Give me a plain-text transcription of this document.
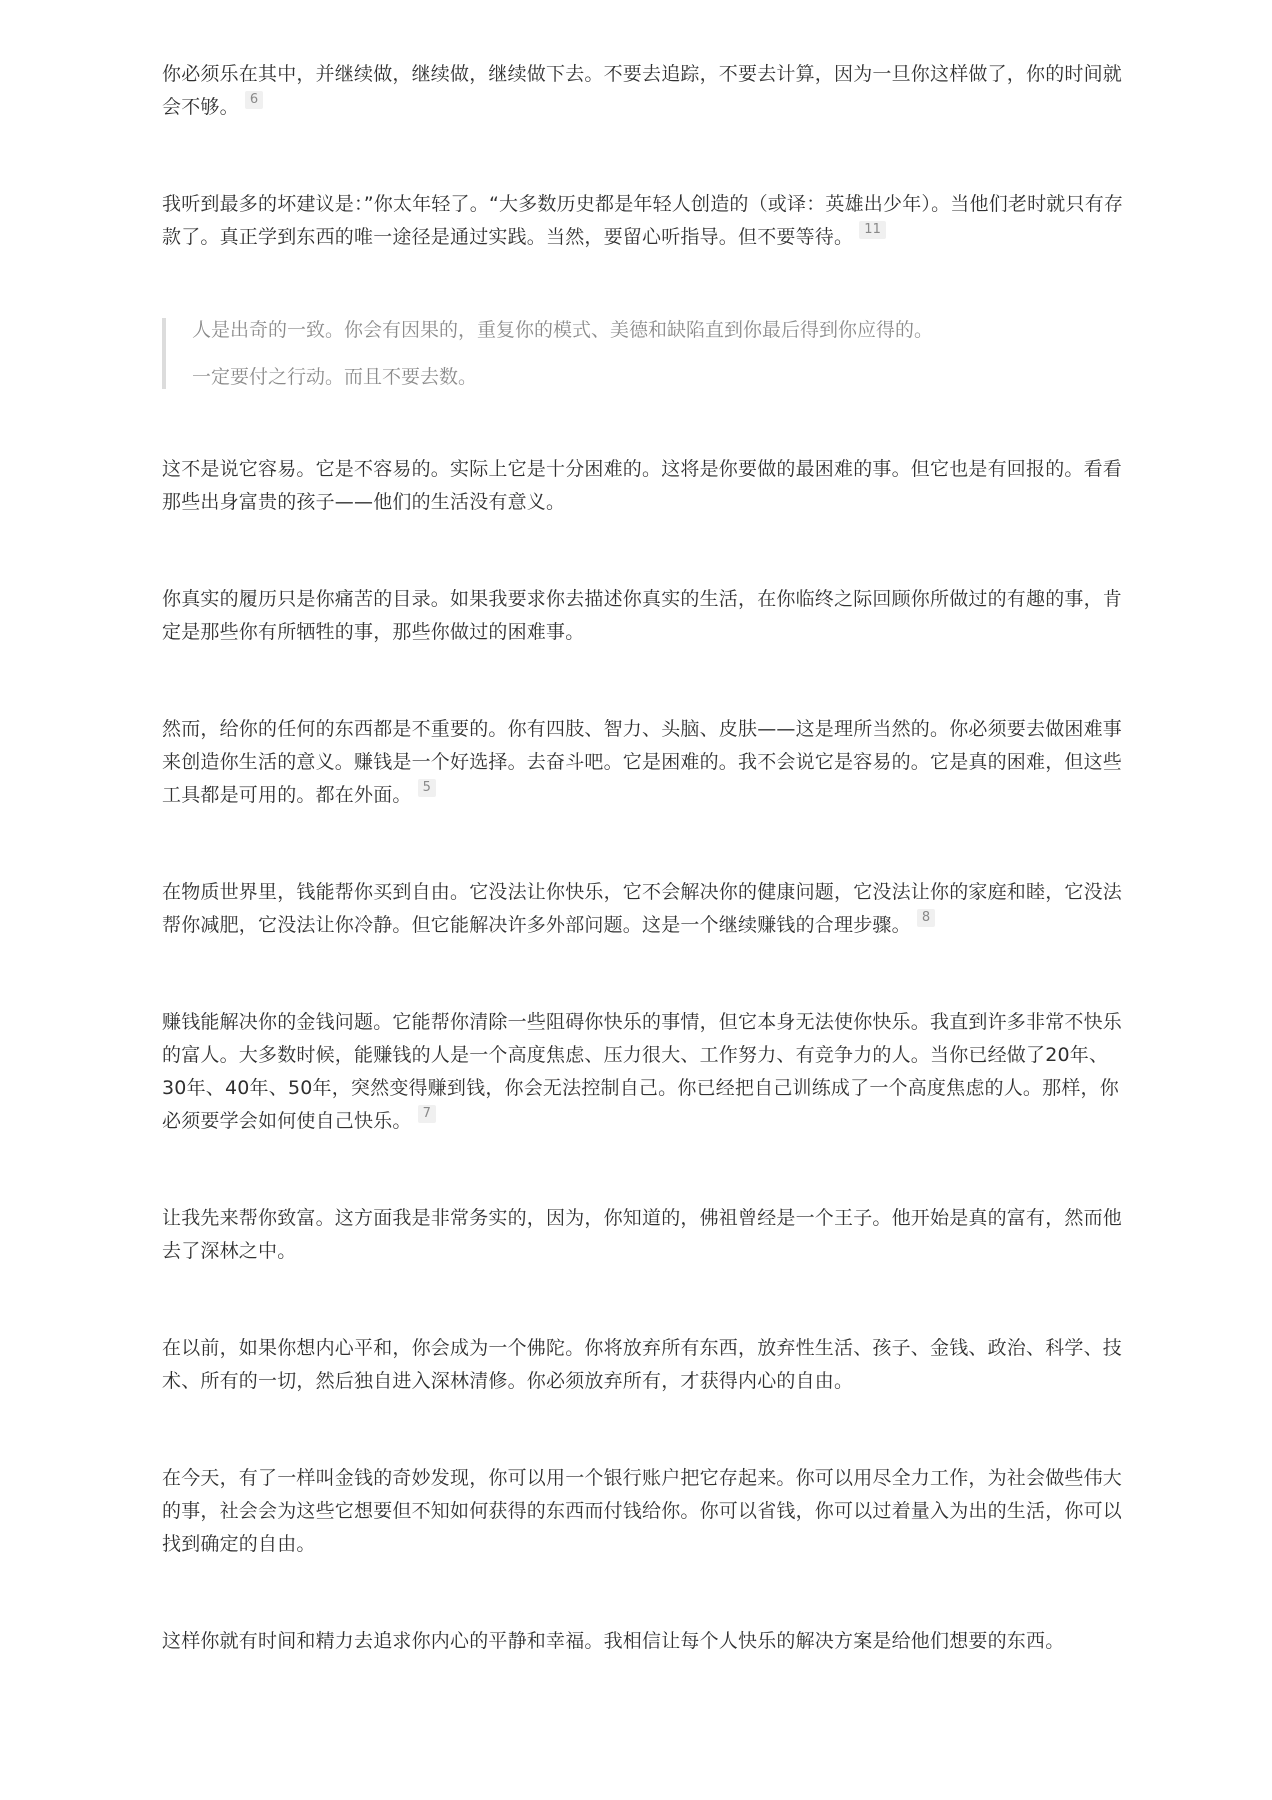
你必须乐在其中，并继续做，继续做，继续做下去。不要去追踪，不要去计算，因为一旦你这样做了，你的时间就会不够。 6

我听到最多的坏建议是：”你太年轻了。“大多数历史都是年轻人创造的（或译：英雄出少年）。当他们老时就只有存款了。真正学到东西的唯一途径是通过实践。当然，要留心听指导。但不要等待。 11

人是出奇的一致。你会有因果的，重复你的模式、美德和缺陷直到你最后得到你应得的。

一定要付之行动。而且不要去数。

这不是说它容易。它是不容易的。实际上它是十分困难的。这将是你要做的最困难的事。但它也是有回报的。看看那些出身富贵的孩子——他们的生活没有意义。

你真实的履历只是你痛苦的目录。如果我要求你去描述你真实的生活，在你临终之际回顾你所做过的有趣的事，肯定是那些你有所牺牲的事，那些你做过的困难事。

然而，给你的任何的东西都是不重要的。你有四肢、智力、头脑、皮肤——这是理所当然的。你必须要去做困难事来创造你生活的意义。赚钱是一个好选择。去奋斗吧。它是困难的。我不会说它是容易的。它是真的困难，但这些工具都是可用的。都在外面。 5

在物质世界里，钱能帮你买到自由。它没法让你快乐，它不会解决你的健康问题，它没法让你的家庭和睦，它没法帮你减肥，它没法让你冷静。但它能解决许多外部问题。这是一个继续赚钱的合理步骤。 8

赚钱能解决你的金钱问题。它能帮你清除一些阻碍你快乐的事情，但它本身无法使你快乐。我直到许多非常不快乐的富人。大多数时候，能赚钱的人是一个高度焦虑、压力很大、工作努力、有竞争力的人。当你已经做了20年、30年、40年、50年，突然变得赚到钱，你会无法控制自己。你已经把自己训练成了一个高度焦虑的人。那样，你必须要学会如何使自己快乐。 7

让我先来帮你致富。这方面我是非常务实的，因为，你知道的，佛祖曾经是一个王子。他开始是真的富有，然而他去了深林之中。

在以前，如果你想内心平和，你会成为一个佛陀。你将放弃所有东西，放弃性生活、孩子、金钱、政治、科学、技术、所有的一切，然后独自进入深林清修。你必须放弃所有，才获得内心的自由。

在今天，有了一样叫金钱的奇妙发现，你可以用一个银行账户把它存起来。你可以用尽全力工作，为社会做些伟大的事，社会会为这些它想要但不知如何获得的东西而付钱给你。你可以省钱，你可以过着量入为出的生活，你可以找到确定的自由。

这样你就有时间和精力去追求你内心的平静和幸福。我相信让每个人快乐的解决方案是给他们想要的东西。
